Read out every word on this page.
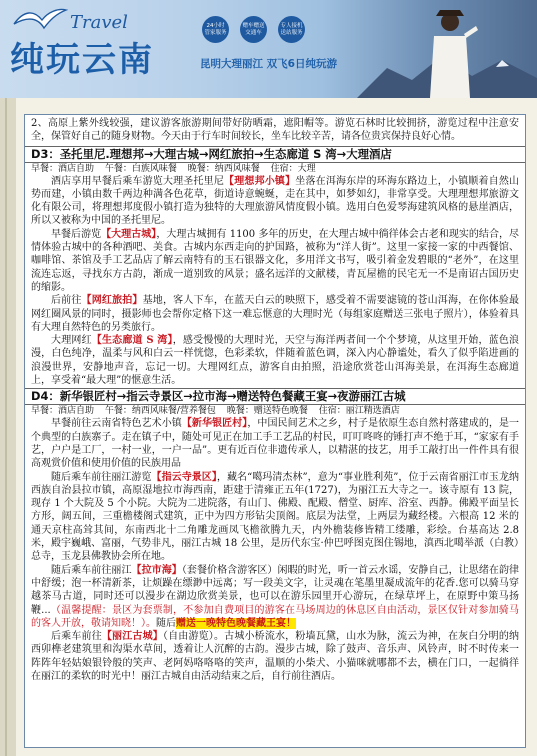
Travel
纯玩云南
24小时
管家服务
赠车赠送
交通车
专人接机
送站服务
昆明大理丽江 双飞6日纯玩游

2、高原上紫外线较强，建议游客旅游期间带好防晒霜，遮阳帽等。游览石林时比较拥挤，游览过程中注意安全，保管好自己的随身财物。今天由于行车时间较长，坐车比较辛苦，请各位贵宾保持良好心情。

D3：圣托里尼.理想邦→大理古城→网红旅拍→生态廊道 S 湾→大理酒店
早餐：酒店自助 午餐：白族风味餐 晚餐：纳西风味餐 住宿：大理

酒店享用早餐后乘车游览大理圣托里尼【理想邦小镇】坐落在洱海东岸的环海东路边上，小镇顺着自然山势而建，小镇由数千两边种满各色花草，街道诗意蜿蜒，走在其中，如梦如幻，非常享受。大理理想邦旅游文化有限公司，将理想邦度假小镇打造为独特的大理旅游风情度假小镇。选用白色爱琴海建筑风格的悬崖酒店，所以又被称为中国的圣托里尼。

早餐后游览【大理古城】，大理古城拥有 1100 多年的历史，在大理古城中徜徉体会古老和现实的结合，尽情体验古城中的各种酒吧、美食。古城内东西走向的护国路，被称为“洋人街”。这里一家接一家的中西餐馆、咖啡馆、茶馆及手工艺品店了解云南特有的玉石银器文化，多用洋文书写，吸引着金发碧眼的“老外”，在这里流连忘返，寻找东方古韵，渐成一道别致的风景；盛名远洋的文献楼，青瓦屋檐的民宅无一不是南诏古国历史的缩影。

后前往【网红旅拍】基地，客人下车，在蓝天白云的映照下，感受着不需要滤镜的苍山洱海，在你体验最网红圈风景的同时，摄影师也会帮你定格下这一难忘惬意的大理时光（每组家庭赠送三张电子照片），体验着具有大理自然特色的另类旅行。

大理网红【生态廊道 S 湾】，感受慢慢的大理时光，天空与海洋两者间一个个梦境，从这里开始，蓝色浪漫，白色纯净，温柔与风和白云一样恍惚，色彩柔软，伴随着蓝色调，深入内心静谧处，看久了似乎陷进画的浪漫世界，安静地声音，忘记一切。大理网红点，游客自由拍照，沿途欣赏苍山洱海美景，在洱海生态廊道上，享受着“最大理”的惬意生活。

D4：新华银匠村→指云寺景区→拉市海→赠送特色餐藏王宴→夜游丽江古城
早餐：酒店自助 午餐：纳西风味餐/营养餐包 晚餐：赠送特色晚餐 住宿：丽江精选酒店

早餐前往云南省特色艺术小镇【新华银匠村】，中国民间艺术之乡，村子是依原生态自然村落建成的，是一个典型的白族寨子。走在镇子中，随处可见正在加工手工艺品的村民，叮叮咚咚的锤打声不绝于耳，“家家有手艺，户户是工厂，一村一业，一户一品”。更有近百位非遗传承人，以精湛的技艺，用手工敲打出一件件具有很高观赏价值和使用价值的民族用品

随后乘车前往丽江游览【指云寺景区】，藏名“噶玛清杰林”，意为“事业胜利苑”，位于云南省丽江市玉龙纳西族自治县拉市镇，高原湿地拉市海西南，距建于清雍正五年(1727)，为丽江五大寺之一。该寺原有 13 院，现存 1 个大院及 5 个小院。大院为二进院落，有山门、佛殿、配殿、僧堂、厨库、浴室、西静。佛殿平面呈长方形，阔五间，三重檐楼阁式建筑，正中为四方形钻尖顶阁。底层为法堂，上两层为藏经楼。六根高 12 米的通天京柱高耸其间，东南西北十二角雕龙画凤飞檐欲腾九天，内外檐装修皆精工缕雕，彩绘。台基高达 2.8 米，殿宇巍峨、富丽，气势非凡，丽江古城 18 公里，是历代东宝·仲巴呼图克图住锡地，滇西北噶举派（白教）总寺，玉龙县佛教协会所在地。

随后乘车前往丽江【拉市海】（套餐价格含游客区）闲暇的时光，听一首云水谣，安静自己，让思绪在韵律中舒缓；泡一杯清新茶，让烦躁在缥渺中远离；写一段美文字，让灵魂在笔墨里凝成流年的花香.您可以骑马穿越茶马古道，同时还可以漫步在湖边欣赏美景，也可以在游乐园里开心游玩，在绿草坪上，在原野中策马扬鞭...（温馨提醒：景区为套票制，不参加自费项目的游客在马场周边的休息区自由活动，景区仅针对参加骑马的客人开放，敬请知晓！）。随后赠送一晚特色晚餐藏王宴！

后乘车前往【丽江古城】（自由游览）。古城小桥流水，粉墙瓦黛，山水为脉，流云为神，在灰白分明的纳西卯榫老建筑里和沟渠水草间，透着让人沉醉的古韵。漫步古城，除了鼓声、音乐声、风铃声，时不时传来一阵阵年轻姑娘银铃般的笑声、老阿妈咯咯咯的笑声，温顺的小柴犬、小猫咪就哪都不去，横在门口，一起徜徉在丽江的柔软的时光中！丽江古城自由活动结束之后，自行前往酒店。
